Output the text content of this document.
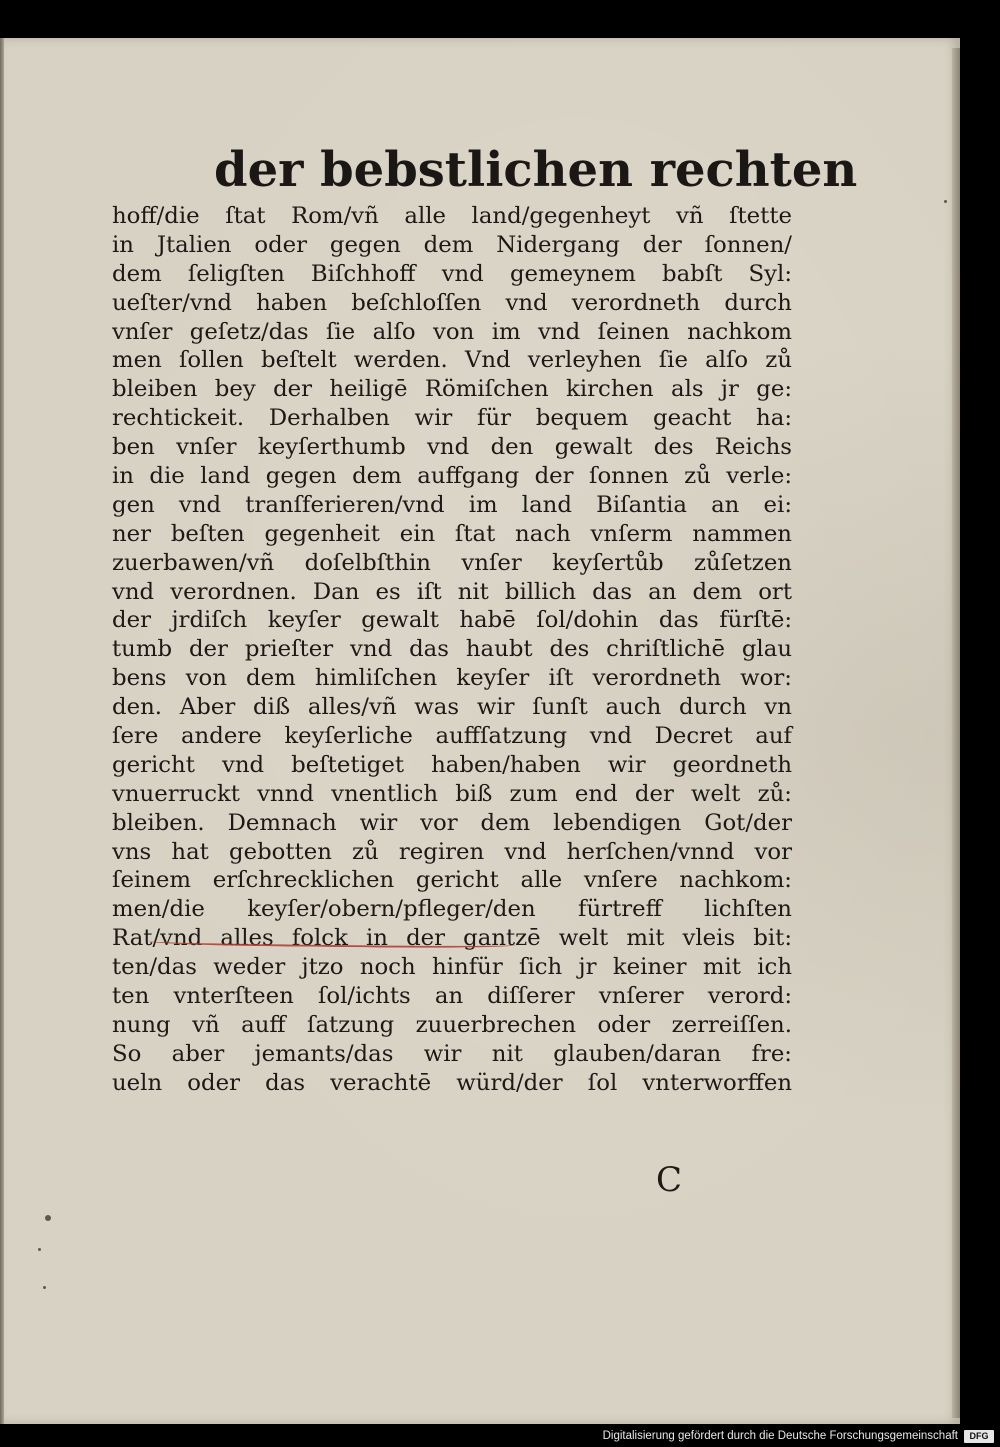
der bebstlichen rechten
hoff/die ſtat Rom/vñ alle land/gegenheyt vñ ſtette
in Jtalien oder gegen dem Nidergang der ſonnen/
dem ſeligſten Biſchhoff vnd gemeynem babſt Syl:
ueſter/vnd haben beſchloſſen vnd verordneth durch
vnſer geſetz/das ſie alſo von im vnd ſeinen nachkom
men ſollen beſtelt werden. Vnd verleyhen ſie alſo zů
bleiben bey der heiligē Römiſchen kirchen als jr ge:
rechtickeit. Derhalben wir für bequem geacht ha:
ben vnſer keyſerthumb vnd den gewalt des Reichs
in die land gegen dem auffgang der ſonnen zů verle:
gen vnd tranſferieren/vnd im land Biſantia an ei:
ner beſten gegenheit ein ſtat nach vnſerm nammen
zuerbawen/vñ doſelbſthin vnſer keyſertůb zůſetzen
vnd verordnen. Dan es iſt nit billich das an dem ort
der jrdiſch keyſer gewalt habē ſol/dohin das fürſtē:
tumb der prieſter vnd das haubt des chriſtlichē glau
bens von dem himliſchen keyſer iſt verordneth wor:
den. Aber diß alles/vñ was wir ſunſt auch durch vn
ſere andere keyſerliche auffſatzung vnd Decret auf
gericht vnd beſtetiget haben/haben wir geordneth
vnuerruckt vnnd vnentlich biß zum end der welt zů:
bleiben. Demnach wir vor dem lebendigen Got/der
vns hat gebotten zů regiren vnd herſchen/vnnd vor
ſeinem erſchrecklichen gericht alle vnſere nachkom:
men/die keyſer/obern/pfleger/den fürtreff lichſten
Rat/vnd alles folck in der gantzē welt mit vleis bit:
ten/das weder jtzo noch hinfür ſich jr keiner mit ich
ten vnterſteen ſol/ichts an diſſerer vnſerer verord:
nung vñ auff ſatzung zuuerbrechen oder zerreiſſen.
So aber jemants/das wir nit glauben/daran fre:
ueln oder das verachtē würd/der ſol vnterworffen
C
Digitalisierung gefördert durch die Deutsche Forschungsgemeinschaft	DFG
